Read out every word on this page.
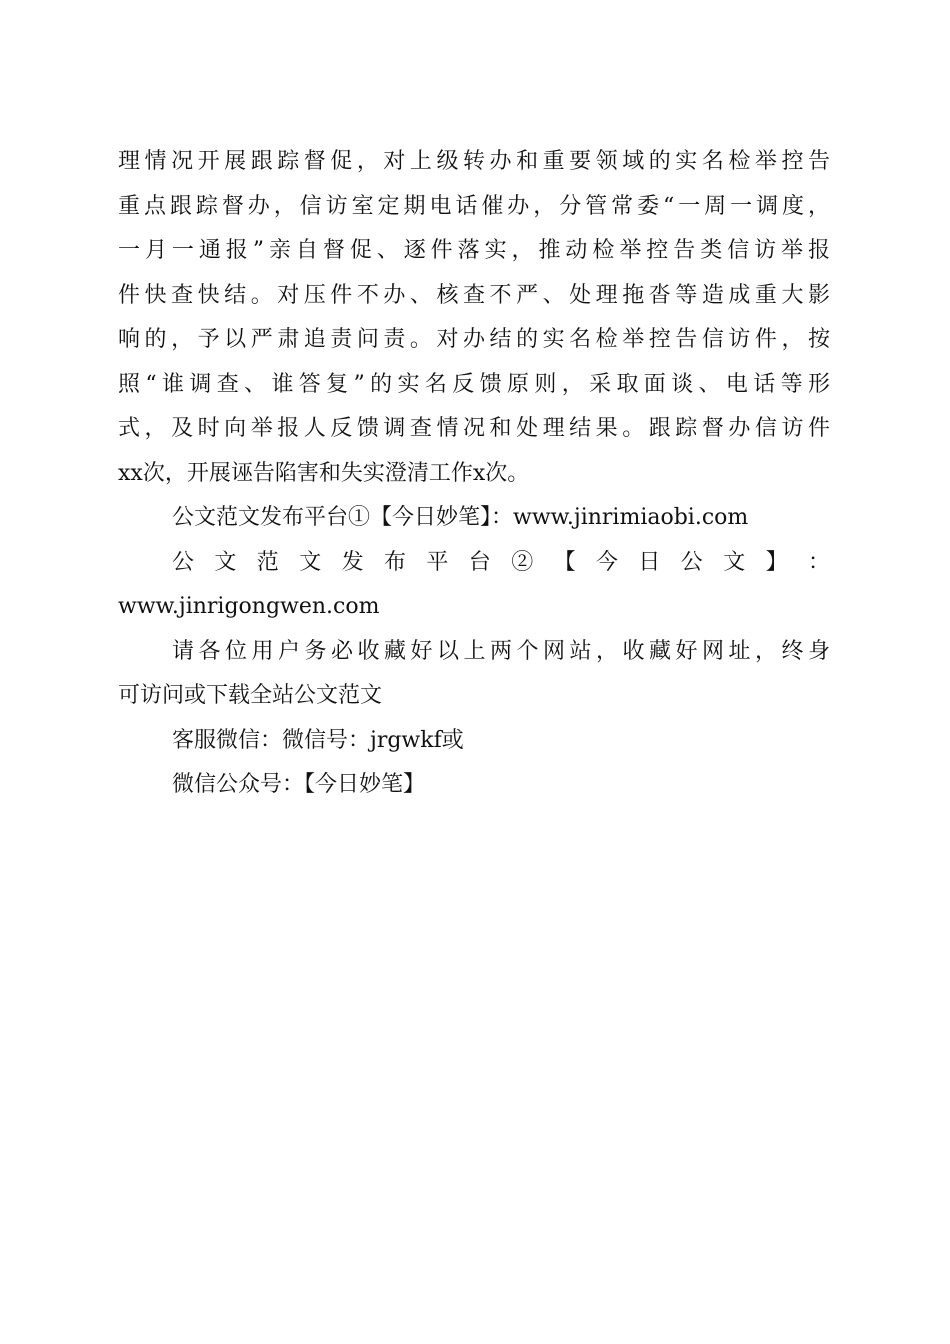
理情况开展跟踪督促，对上级转办和重要领域的实名检举控告
重点跟踪督办，信访室定期电话催办，分管常委“一周一调度，
一月一通报”亲自督促、逐件落实，推动检举控告类信访举报
件快查快结。对压件不办、核查不严、处理拖沓等造成重大影
响的，予以严肃追责问责。对办结的实名检举控告信访件，按
照“谁调查、谁答复”的实名反馈原则，采取面谈、电话等形
式，及时向举报人反馈调查情况和处理结果。跟踪督办信访件
xx次，开展诬告陷害和失实澄清工作x次。
公文范文发布平台①【今日妙笔】：www.jinrimiaobi.com
公 文 范 文 发 布 平 台 ② 【 今 日 公 文 】 ：
www.jinrigongwen.com
请各位用户务必收藏好以上两个网站，收藏好网址，终身
可访问或下载全站公文范文
客服微信：微信号：jrgwkf或
微信公众号：【今日妙笔】
